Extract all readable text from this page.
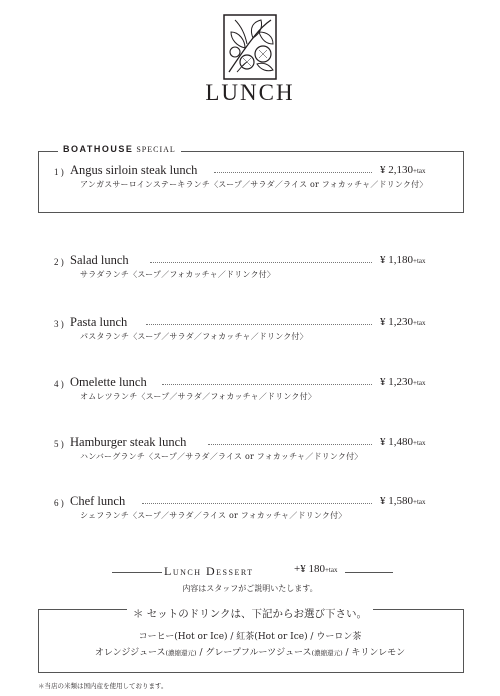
LUNCH
BOATHOUSE SPECIAL
1 ) Angus sirloin steak lunch	¥ 2,130+tax
アンガスサーロインステーキランチ〈スープ／サラダ／ライス or フォカッチャ／ドリンク付〉
2 ) Salad lunch	¥ 1,180+tax
サラダランチ〈スープ／フォカッチャ／ドリンク付〉
3 ) Pasta lunch	¥ 1,230+tax
パスタランチ〈スープ／サラダ／フォカッチャ／ドリンク付〉
4 ) Omelette lunch	¥ 1,230+tax
オムレツランチ〈スープ／サラダ／フォカッチャ／ドリンク付〉
5 ) Hamburger steak lunch	¥ 1,480+tax
ハンバーグランチ〈スープ／サラダ／ライス or フォカッチャ／ドリンク付〉
6 ) Chef lunch	¥ 1,580+tax
シェフランチ〈スープ／サラダ／ライス or フォカッチャ／ドリンク付〉
Lunch Dessert	+¥ 180+tax
内容はスタッフがご説明いたします。
＊ セットのドリンクは、下記からお選び下さい。
コーヒー(Hot or Ice) / 紅茶(Hot or Ice) / ウーロン茶
オレンジジュース(濃縮還元) / グレープフルーツジュース(濃縮還元) / キリンレモン
＊当店の米類は国内産を使用しております。
